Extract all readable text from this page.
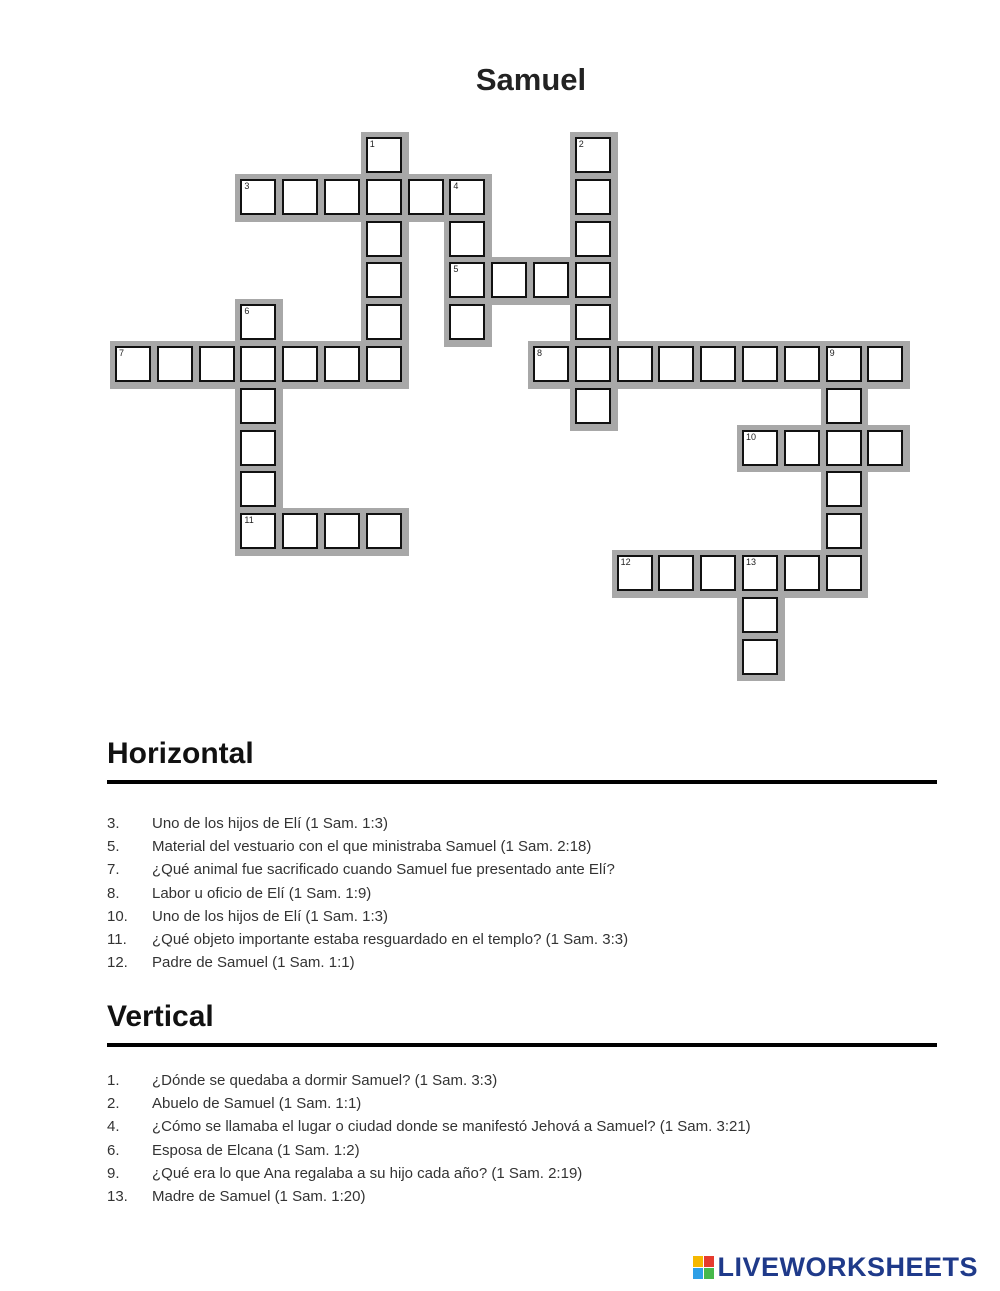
Samuel
1	2
3	4
5
6
11
7	8	9
10
12	13
Horizontal
3.	Uno de los hijos de Elí (1 Sam. 1:3)
5.	Material del vestuario con el que ministraba Samuel (1 Sam. 2:18)
7.	¿Qué animal fue sacrificado cuando Samuel fue presentado ante Elí?
8.	Labor u oficio de Elí (1 Sam. 1:9)
10.	Uno de los hijos de Elí (1 Sam. 1:3)
11.	¿Qué objeto importante estaba resguardado en el templo? (1 Sam. 3:3)
12.	Padre de Samuel (1 Sam. 1:1)
Vertical
1.	¿Dónde se quedaba a dormir Samuel? (1 Sam. 3:3)
2.	Abuelo de Samuel (1 Sam. 1:1)
4.	¿Cómo se llamaba el lugar o ciudad donde se manifestó Jehová a Samuel? (1 Sam. 3:21)
6.	Esposa de Elcana (1 Sam. 1:2)
9.	¿Qué era lo que Ana regalaba a su hijo cada año? (1 Sam. 2:19)
13.	Madre de Samuel (1 Sam. 1:20)
LIVEWORKSHEETS
